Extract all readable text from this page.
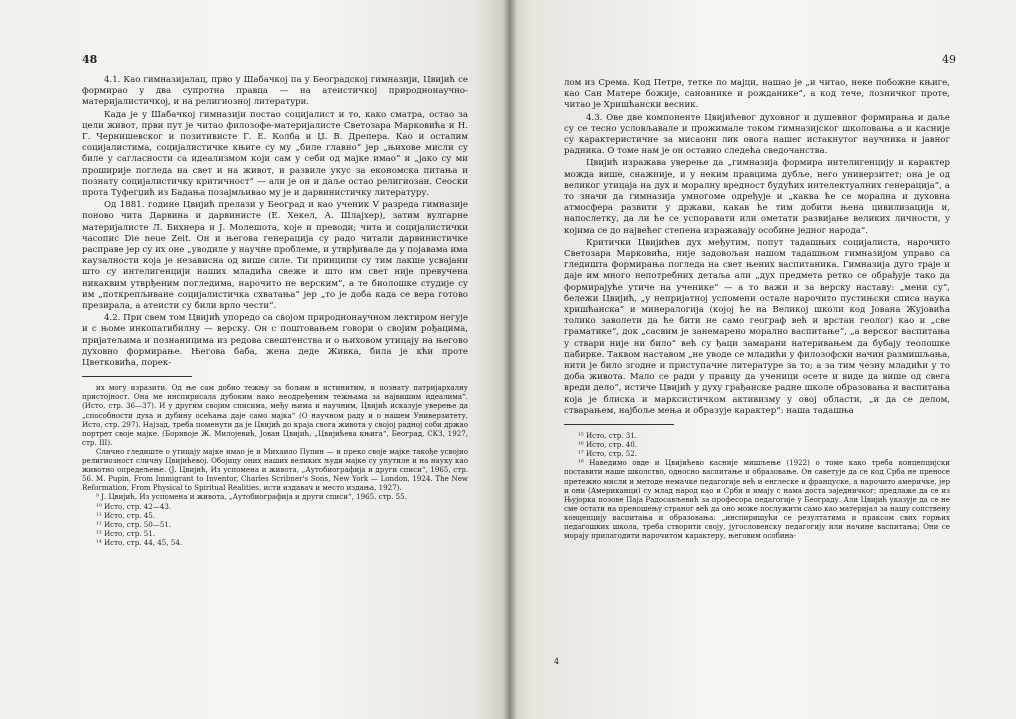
48

4.1. Као гимназијалац, прво у Шабачкој па у Београдској гимназији, Цвијић се формирао у два супротна правца — на атеистичкој природнонаучно-материјалистичкој, и на религиозној литератури.

Када је у Шабачкој гимназији постао социјалист и то, како сматра, остао за цели живот, први пут је читао филозофе-материјалисте Светозара Марковића и Н. Г. Чернишевског и позитивисте Г. Е. Колба и Џ. В. Дрепера. Као и осталим социјалистима, социјалистичке књиге су му „биле главно“ јер „њихове мисли су биле у сагласности са идеализмом који сам у себи од мајке имао“ и „јако су ми проширије погледа на свет и на живот, и развиле укус за економска питања и познату социјалистичку критичност“ — али је он и даље остао религиозан. Сеоски прота Туфегџић из Бадања позајмљивао му је и дарвинистичку литературу.

Од 1881. године Цвијић прелази у Београд и као ученик V разреда гимназије поново чита Дарвина и дарвинисте (Е. Хекел, А. Шлајхер), затим вулгарне материјалисте Л. Бихнера и Ј. Молешота, које и преводи; чита и социјалистички часопис Die neue Zeit. Он и његова генерација су радо читали дарвинистичке расправе јер су их оне „уводиле у научне проблеме, и утврђивале да у појавама има каузалности која је независна од више силе. Ти принципи су тим лакше усвајани што су интелигенцији наших младића свеже и што им свет није превучена никаквим утврђеним погледима, нарочито не верским“, а те биолошке студије су им „поткрепљиване социјалистичка схватања“ јер „то је доба када се вера готово презирала, а атеисти су били врло чести“.

4.2. При свем том Цвијић упоредо са својом природнонаучном лектиром негује и с њоме инкопатибилну — верску. Он с поштовањем говори о својим рођацима, пријатељима и познаницима из редова свештенства и о њиховом утицају на његово духовно формирање. Његова баба, жена деде Живка, била је кћи проте Цветковића, порек-

их могу изразити. Од ње сам добио тежњу за бољим и истинитим, и познату патријархалну пристојност. Она ме инспирисала дубоким нако неодређеним тежњама за највишим идеалима“. (Исто, стр. 36—37). И у другим својим списима, међу њима и научним, Цвијић исказује уверење да „способности духа и дубину осећања даје само мајка“ (О научном раду и о нашем Универзитету, Исто, стр. 297). Најзад, треба поменути да је Цвијић до краја свога живота у својој радној соби држао портрет своје мајке. (Боривоје Ж. Милојевић, Јован Цвијић, „Цвијићева књига“, Београд, СКЗ, 1927, стр. III).
Слично гледиште о утицају мајке имао је и Михаило Пупин — и преко своје мајке такође усвојио религиозност сличну Цвијићевој. Обојицу оних наших великих људи мајке су упутиле и на науку као животно опредељење. (Ј. Цвијић, Из успомена и живота, „Аутобиографија и други списи“, 1965, стр. 56. M. Pupin, From Immigrant to Inventor, Charles Scribner's Sons, New York — London, 1924. The New Reformation, From Physical to Spiritual Realities, исти издавач и место издања, 1927).
⁹ Ј. Цвијић, Из успомена и живота, „Аутобиографија и други списи“, 1965. стр. 55.
¹⁰ Исто, стр. 42—43.
¹¹ Исто, стр. 45.
¹² Исто, стр. 50—51.
¹³ Исто, стр. 51.
¹⁴ Исто, стр. 44, 45, 54.
49

лом из Срема. Код Петре, тетке по мајци, нашао је „и читао, неке побожне књиге, као Сан Матере божије, сановнике и рожданике“, а код тече, лозничког проте, читао је Хришћански весник.

4.3. Ове две компоненте Цвијићевог духовног и душевног формирања и даље су се тесно условљавале и прожимале током гимназијског школовања а и касније су карактеристичне за мисаони лик овога нашег истакнутог научника и јавног радника. О томе нам је он оставио следећа сведочанства.

Цвијић изражава уверење да „гимназија формира интелигенцију и карактер можда више, снажније, и у неким правцима дубље, него универзитет; она је од великог утицаја на дух и моралну вредност будућих интелектуалних генерација“, а то значи да гимназија умногоме одређује и „каква ће се морална и духовна атмосфера развити у држави, какав ће тим добити њена цивилизација и, напослетку, да ли ће се успоравати или ометати развијање великих личности, у којима се до највећег степена изражавају особине једног народа“.

Критички Цвијићев дух међутим, попут тадашњих социјалиста, нарочито Светозара Марковића, није задовољан нашом тадашњом гимназијом управо са гледишта формирања погледа на свет њених васпитаника. Гимназија дуго траје и даје им много непотребних детаља али „дух предмета ретко се обрађује тако да формирајуће утиче на ученике“ — а то важи и за верску наставу: „мени су“, бележи Цвијић, „у непријатној успомени остале нарочито пустињски списа наука хришћанска“ и минералогија (којој ће на Великој школи код Јована Жујовића толико заволети да ће бити не само географ већ и врстан геолог) као и „све граматике“, док „сасвим је занемарено морално васпитање“, „а верског васпитања у ствари није ни било“ већ су ђаци замарани натеривањем да бубају теолошке пабирке. Таквом наставом „не уводе се младићи у филозофски начин размишљања, нити је било згодне и приступачне литературе за то; а за тим чезну младићи у то доба живота. Мало се ради у правцу да ученици осете и виде да више од свега вреди дело“, истиче Цвијић у духу грађанске радне школе образовања и васпитања која је блиска и марксистичком активизму у овој области, „и да се делом, стварањем, најбоље мења и образује карактер“: наша тадашња

¹⁵ Исто, стр. 31.
¹⁶ Исто, стр. 40.
¹⁷ Исто, стр. 52.
¹⁸ Наведимо овде и Цвијићево касније мишљење (1922) о томе како треба концепцијски поставити наше школство, односно васпитање и образовање. Он саветује да се код Срба не преносе претежно мисли и методе немачке педагогије већ и енглеске и француске, а нарочито америчке, јер и они (Американци) су млад народ као и Срби и имају с нама доста заједничког; предлаже да се из Њујорка позове Паја Радосављевић за професора педагогије у Београду. Али Цвијић указује да се не сме остати на преношењу страног већ да оно може послужити само као материјал за нашу сопствену концепцију васпитања и образовања: „инспиришући се резултатима и праксом свих горњих педагошких школа, треба створити своју, југословенску педагогију или начине васпитања: Они се морају прилагодити нарочитом карактеру, његовим особина-
4
